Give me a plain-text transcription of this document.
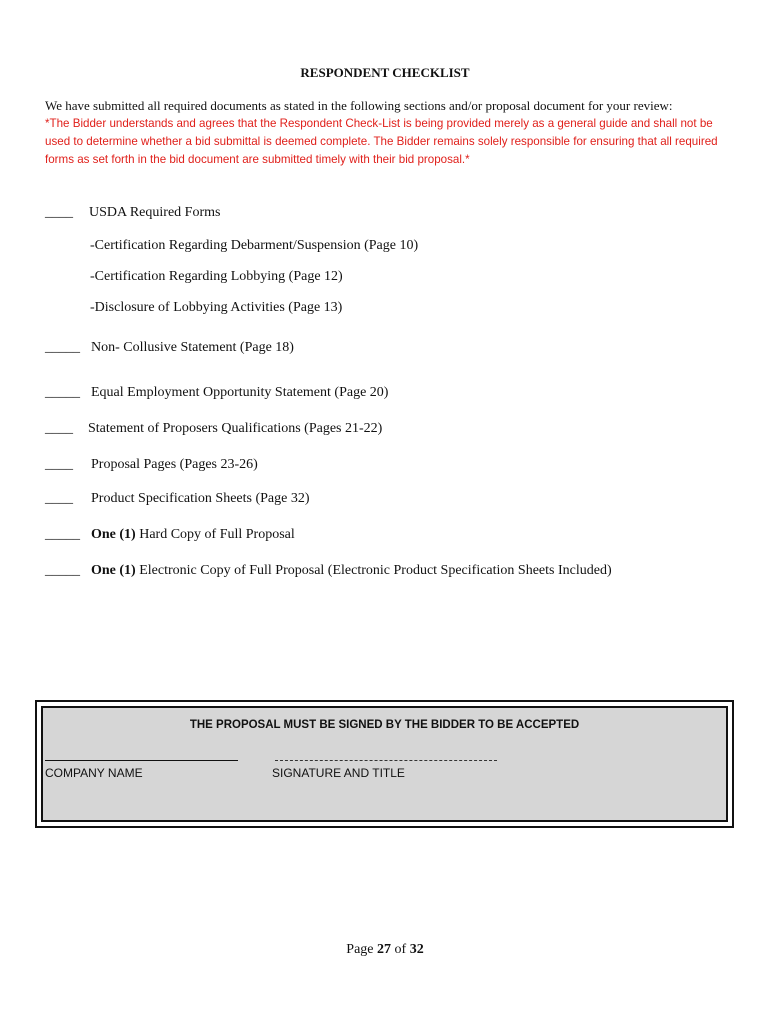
RESPONDENT CHECKLIST
We have submitted all required documents as stated in the following sections and/or proposal document for your review:
*The Bidder understands and agrees that the Respondent Check-List is being provided merely as a general guide and shall not be used to determine whether a bid submittal is deemed complete. The Bidder remains solely responsible for ensuring that all required forms as set forth in the bid document are submitted timely with their bid proposal.*
____ USDA Required Forms
-Certification Regarding Debarment/Suspension (Page 10)
-Certification Regarding Lobbying (Page 12)
-Disclosure of Lobbying Activities (Page 13)
_____ Non- Collusive Statement (Page 18)
_____ Equal Employment Opportunity Statement (Page 20)
____ Statement of Proposers Qualifications (Pages 21-22)
____ Proposal Pages (Pages 23-26)
____ Product Specification Sheets (Page 32)
_____ One (1) Hard Copy of Full Proposal
_____ One (1) Electronic Copy of Full Proposal (Electronic Product Specification Sheets Included)
THE PROPOSAL MUST BE SIGNED BY THE BIDDER TO BE ACCEPTED
COMPANY NAME	SIGNATURE AND TITLE
Page 27 of 32
